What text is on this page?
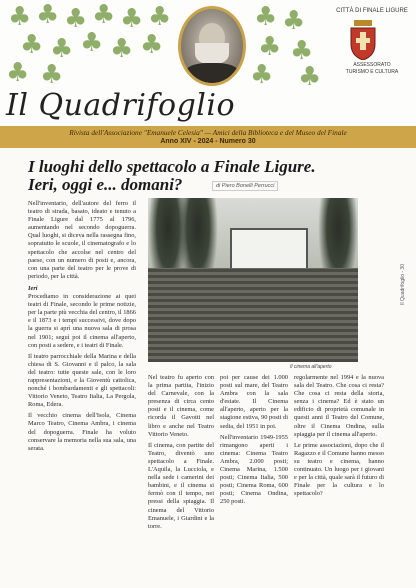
♣ ♣ ♣ ♣ ♣ ♣	♣ ♣
♣ ♣ ♣ ♣ ♣	♣ ♣
♣ ♣	♣ ♣
Il Quadrifoglio
CITTÀ DI FINALE LIGURE
ASSESSORATO
TURISMO E CULTURA
Rivista dell'Associazione "Emanuele Celesia" — Amici della Biblioteca e del Museo del Finale
Anno XIV - 2024 - Numero 30
I luoghi dello spettacolo a Finale Ligure.
Ieri, oggi e... domani?	di Piero Bonelli Perrucci

Nell'inventario, dell'autore del ferro il teatro di strada, basato, ideato e tenuto a Finale Ligure dal 1775 al 1796, aumentando nel secondo dopoguerra. Qual luoghi, si diceva nella rassegna fino, sopratutto le scuole, il cinematografo e lo spettacolo che accolse nel centro del paese, con un numero di posti e, ancora, con una parte del teatro per le prove di periodo, per la città.

Ieri

Procediamo in considerazione ai quei teatri di Finale, secondo le prime notizie, per la parte più vecchia del centro, il 1866 e il 1873 e i tempi successivi, dove dopo la guerra si aprì una nuova sala di prosa nel 1901; seguì poi il cinema all'aperto, con posti a sedere, e i teatri di Finale.

Il teatro parrocchiale della Marina e della chiesa di S. Giovanni e il palco, la sala del teatro: tutte queste sale, con le loro rappresentazioni, e la Gioventù cattolica, nonché i bombardamenti e gli spettacoli: Vittorio Veneto, Teatro Italia, La Pergola, Roma, Edera.

Il vecchio cinema dell'Isola, Cinema Marco Teatro, Cinema Ambra, i cinema del dopoguerra. Finale ha voluto conservare la memoria nella sua sala, una serata.

Il cinema all'aperto

Nel teatro fu aperto con la prima partita, l'inizio del Carnevale, con la presenza di circa cento posti e il cinema, come ricorda il Gavotti nel libro e anche nel Teatro Vittorio Veneto.

Il cinema, con partite del Teatro, diventò uno spettacolo a Finale. L'Aquila, la Lucciola, e nella sede i camerini dei bambini, e il cinema si fermò con il tempo, nei pressi della spiaggia. Il cinema del Vittorio Emanuele, i Giardini e la torre.

poi per cause dei 1.000 posti sul mare, del Teatro Ambra con la sala d'estate. Il Cinema all'aperto, aperto per la stagione estiva, 90 posti di sedia, del 1951 in poi.

Nell'inventario 1949-1955 rimangono aperti i cinema: Cinema Teatro Ambra, 2.000 posti; Cinema Marina, 1.500 posti; Cinema Italia, 500 posti; Cinema Roma, 600 posti; Cinema Ondina, 250 posti.

regolarmente nel 1994 e la nuova sala del Teatro. Che cosa ci resta? Che cosa ci resta della storia, senza i cinema? Ed è stato un edificio di proprietà comunale in questi anni il Teatro del Comune, oltre il Cinema Ondina, sulla spiaggia per il cinema all'aperto.

Le prime associazioni, dopo che il Ragazzo e il Comune hanno messo su teatro e cinema, hanno continuato. Un luogo per i giovani e per la città, quale sarà il futuro di Finale per la cultura e lo spettacolo?

Il Quadrifoglio - 30
